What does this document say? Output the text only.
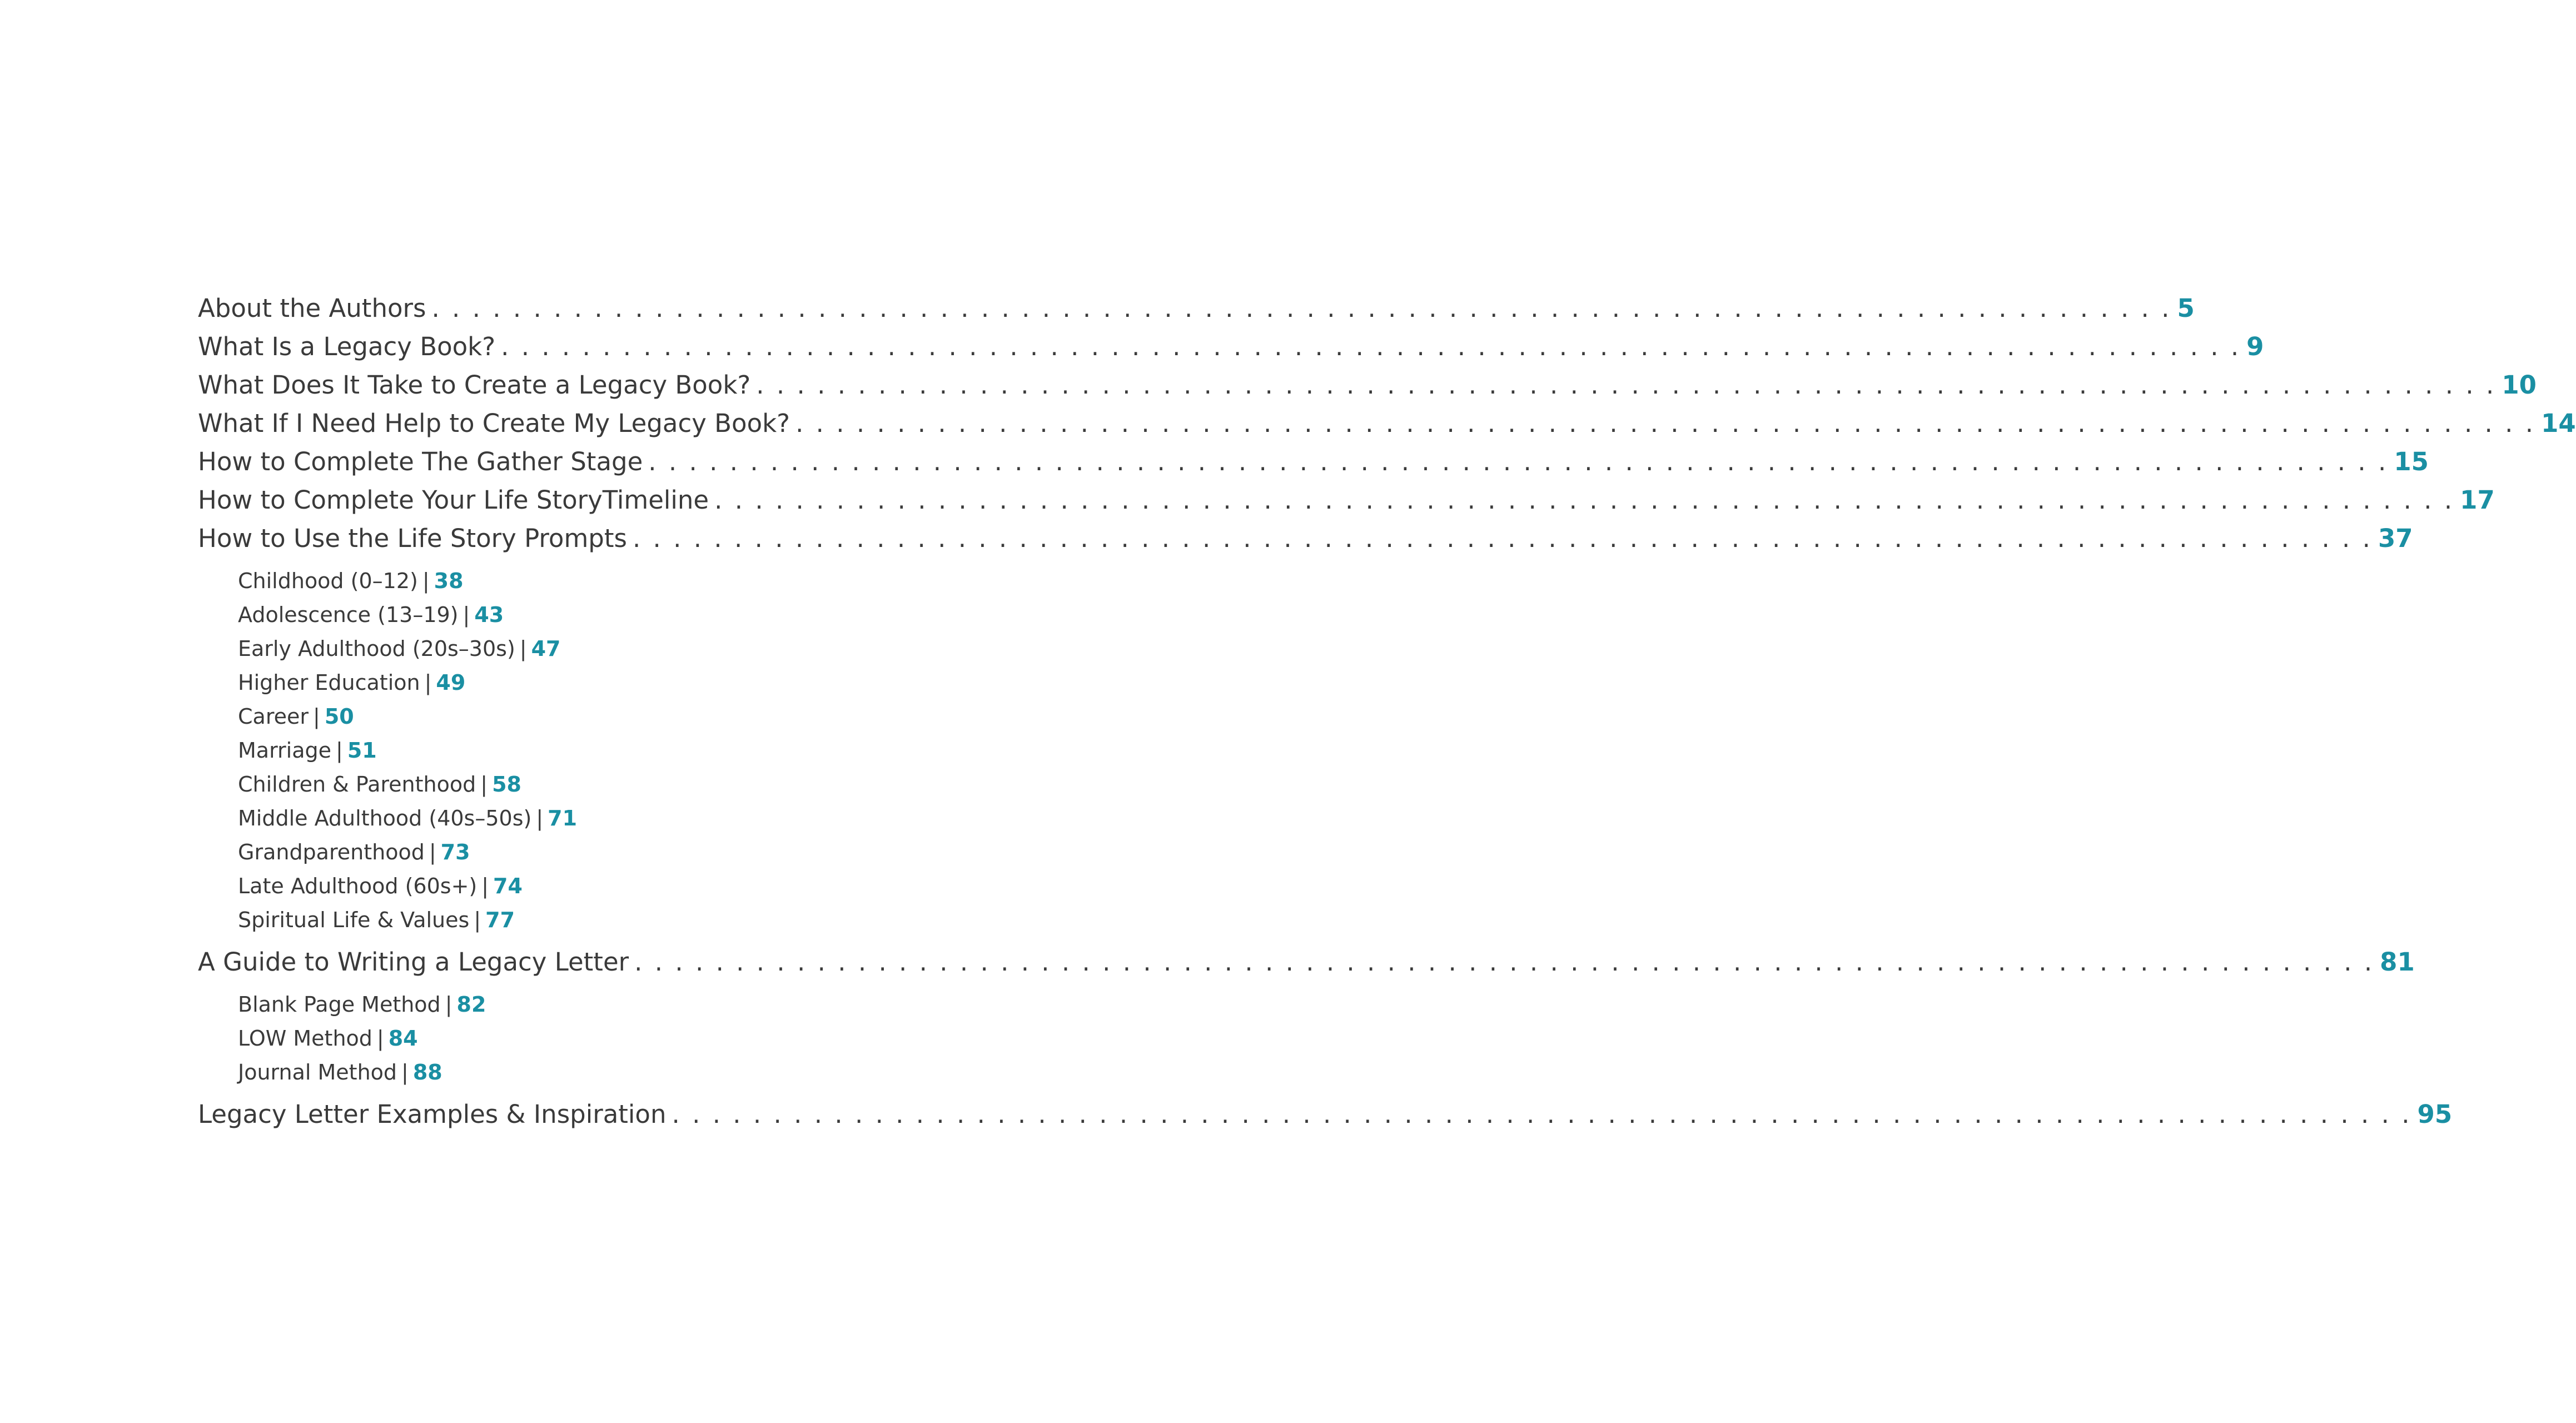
About the Authors . . . . . . . . . . . . . . . . . . . . . . . . . . . . . . . . . . . . . . . . . . . . . . . . . . . . . . . . . . . . . . . . . . . . . . . . . . . . . . . . . . . . . . 5
What Is a Legacy Book? . . . . . . . . . . . . . . . . . . . . . . . . . . . . . . . . . . . . . . . . . . . . . . . . . . . . . . . . . . . . . . . . . . . . . . . . . . . . . . . . . . . . . . 9
What Does It Take to Create a Legacy Book? . . . . . . . . . . . . . . . . . . . . . . . . . . . . . . . . . . . . . . . . . . . . . . . . . . . . . . . . . . . . . . . . . . . . . . . . . . . . . . . . . . . . . . 10
What If I Need Help to Create My Legacy Book? . . . . . . . . . . . . . . . . . . . . . . . . . . . . . . . . . . . . . . . . . . . . . . . . . . . . . . . . . . . . . . . . . . . . . . . . . . . . . . . . . . . . . . 14
How to Complete The Gather Stage . . . . . . . . . . . . . . . . . . . . . . . . . . . . . . . . . . . . . . . . . . . . . . . . . . . . . . . . . . . . . . . . . . . . . . . . . . . . . . . . . . . . . . 15
How to Complete Your Life StoryTimeline . . . . . . . . . . . . . . . . . . . . . . . . . . . . . . . . . . . . . . . . . . . . . . . . . . . . . . . . . . . . . . . . . . . . . . . . . . . . . . . . . . . . . . 17
How to Use the Life Story Prompts . . . . . . . . . . . . . . . . . . . . . . . . . . . . . . . . . . . . . . . . . . . . . . . . . . . . . . . . . . . . . . . . . . . . . . . . . . . . . . . . . . . . . . 37
Childhood (0–12) | 38
Adolescence (13–19) | 43
Early Adulthood (20s–30s) | 47
Higher Education | 49
Career | 50
Marriage | 51
Children & Parenthood | 58
Middle Adulthood (40s–50s) | 71
Grandparenthood | 73
Late Adulthood (60s+) | 74
Spiritual Life & Values | 77
A Guide to Writing a Legacy Letter . . . . . . . . . . . . . . . . . . . . . . . . . . . . . . . . . . . . . . . . . . . . . . . . . . . . . . . . . . . . . . . . . . . . . . . . . . . . . . . . . . . . . . 81
Blank Page Method | 82
LOW Method | 84
Journal Method | 88
Legacy Letter Examples & Inspiration . . . . . . . . . . . . . . . . . . . . . . . . . . . . . . . . . . . . . . . . . . . . . . . . . . . . . . . . . . . . . . . . . . . . . . . . . . . . . . . . . . . . . . 95
